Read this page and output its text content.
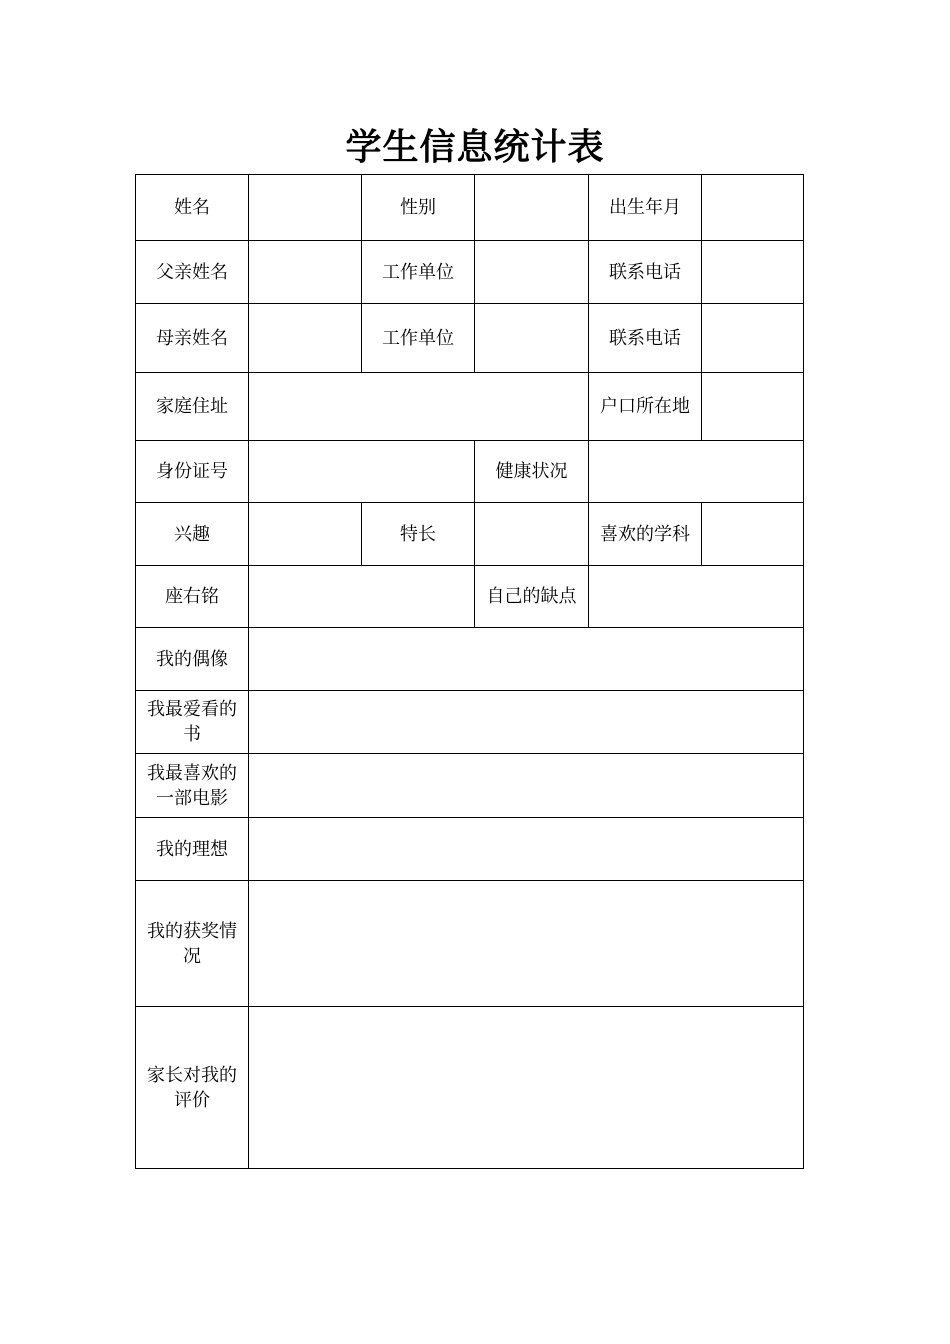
学生信息统计表
姓名		性别		出生年月	
父亲姓名		工作单位		联系电话	
母亲姓名		工作单位		联系电话	
家庭住址				户口所在地	
身份证号			健康状况		
兴趣		特长		喜欢的学科	
座右铭			自己的缺点		
我的偶像					
我最爱看的书					
我最喜欢的一部电影					
我的理想					
我的获奖情况					
家长对我的评价					
